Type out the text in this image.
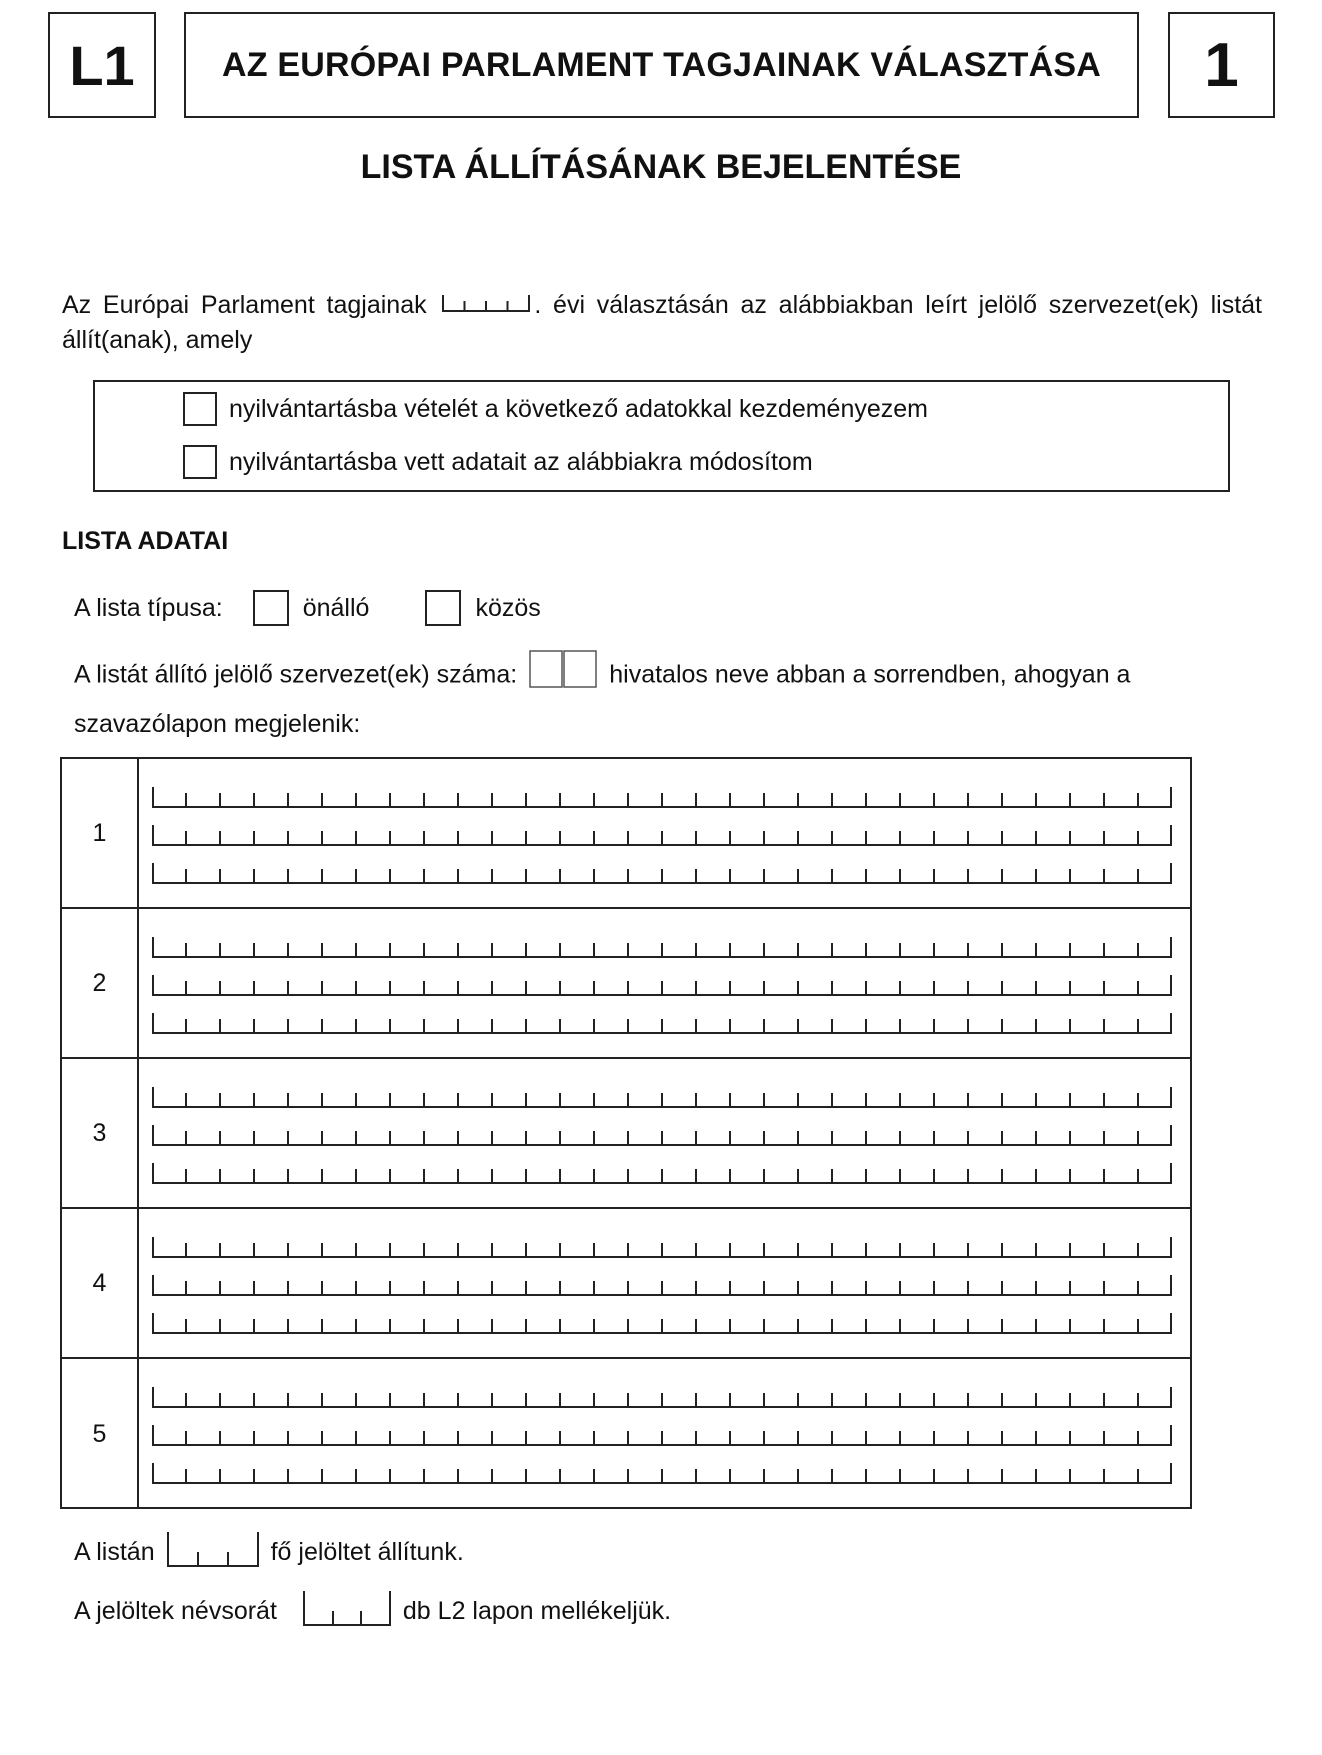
L1	AZ EURÓPAI PARLAMENT TAGJAINAK VÁLASZTÁSA 1
LISTA ÁLLÍTÁSÁNAK BEJELENTÉSE
Az Európai Parlament tagjainak	. évi választásán az alábbiakban leírt jelölő szervezet(ek) listát állít(anak), amely
nyilvántartásba vételét a következő adatokkal kezdeményezem
nyilvántartásba vett adatait az alábbiakra módosítom
LISTA ADATAI
A lista típusa:	önálló	közös
A listát állító jelölő szervezet(ek) száma:	hivatalos neve abban a sorrendben, ahogyan a szavazólapon megjelenik:
1
2
3
4
5
A listán	fő jelöltet állítunk.
A jelöltek névsorát	db L2 lapon mellékeljük.
